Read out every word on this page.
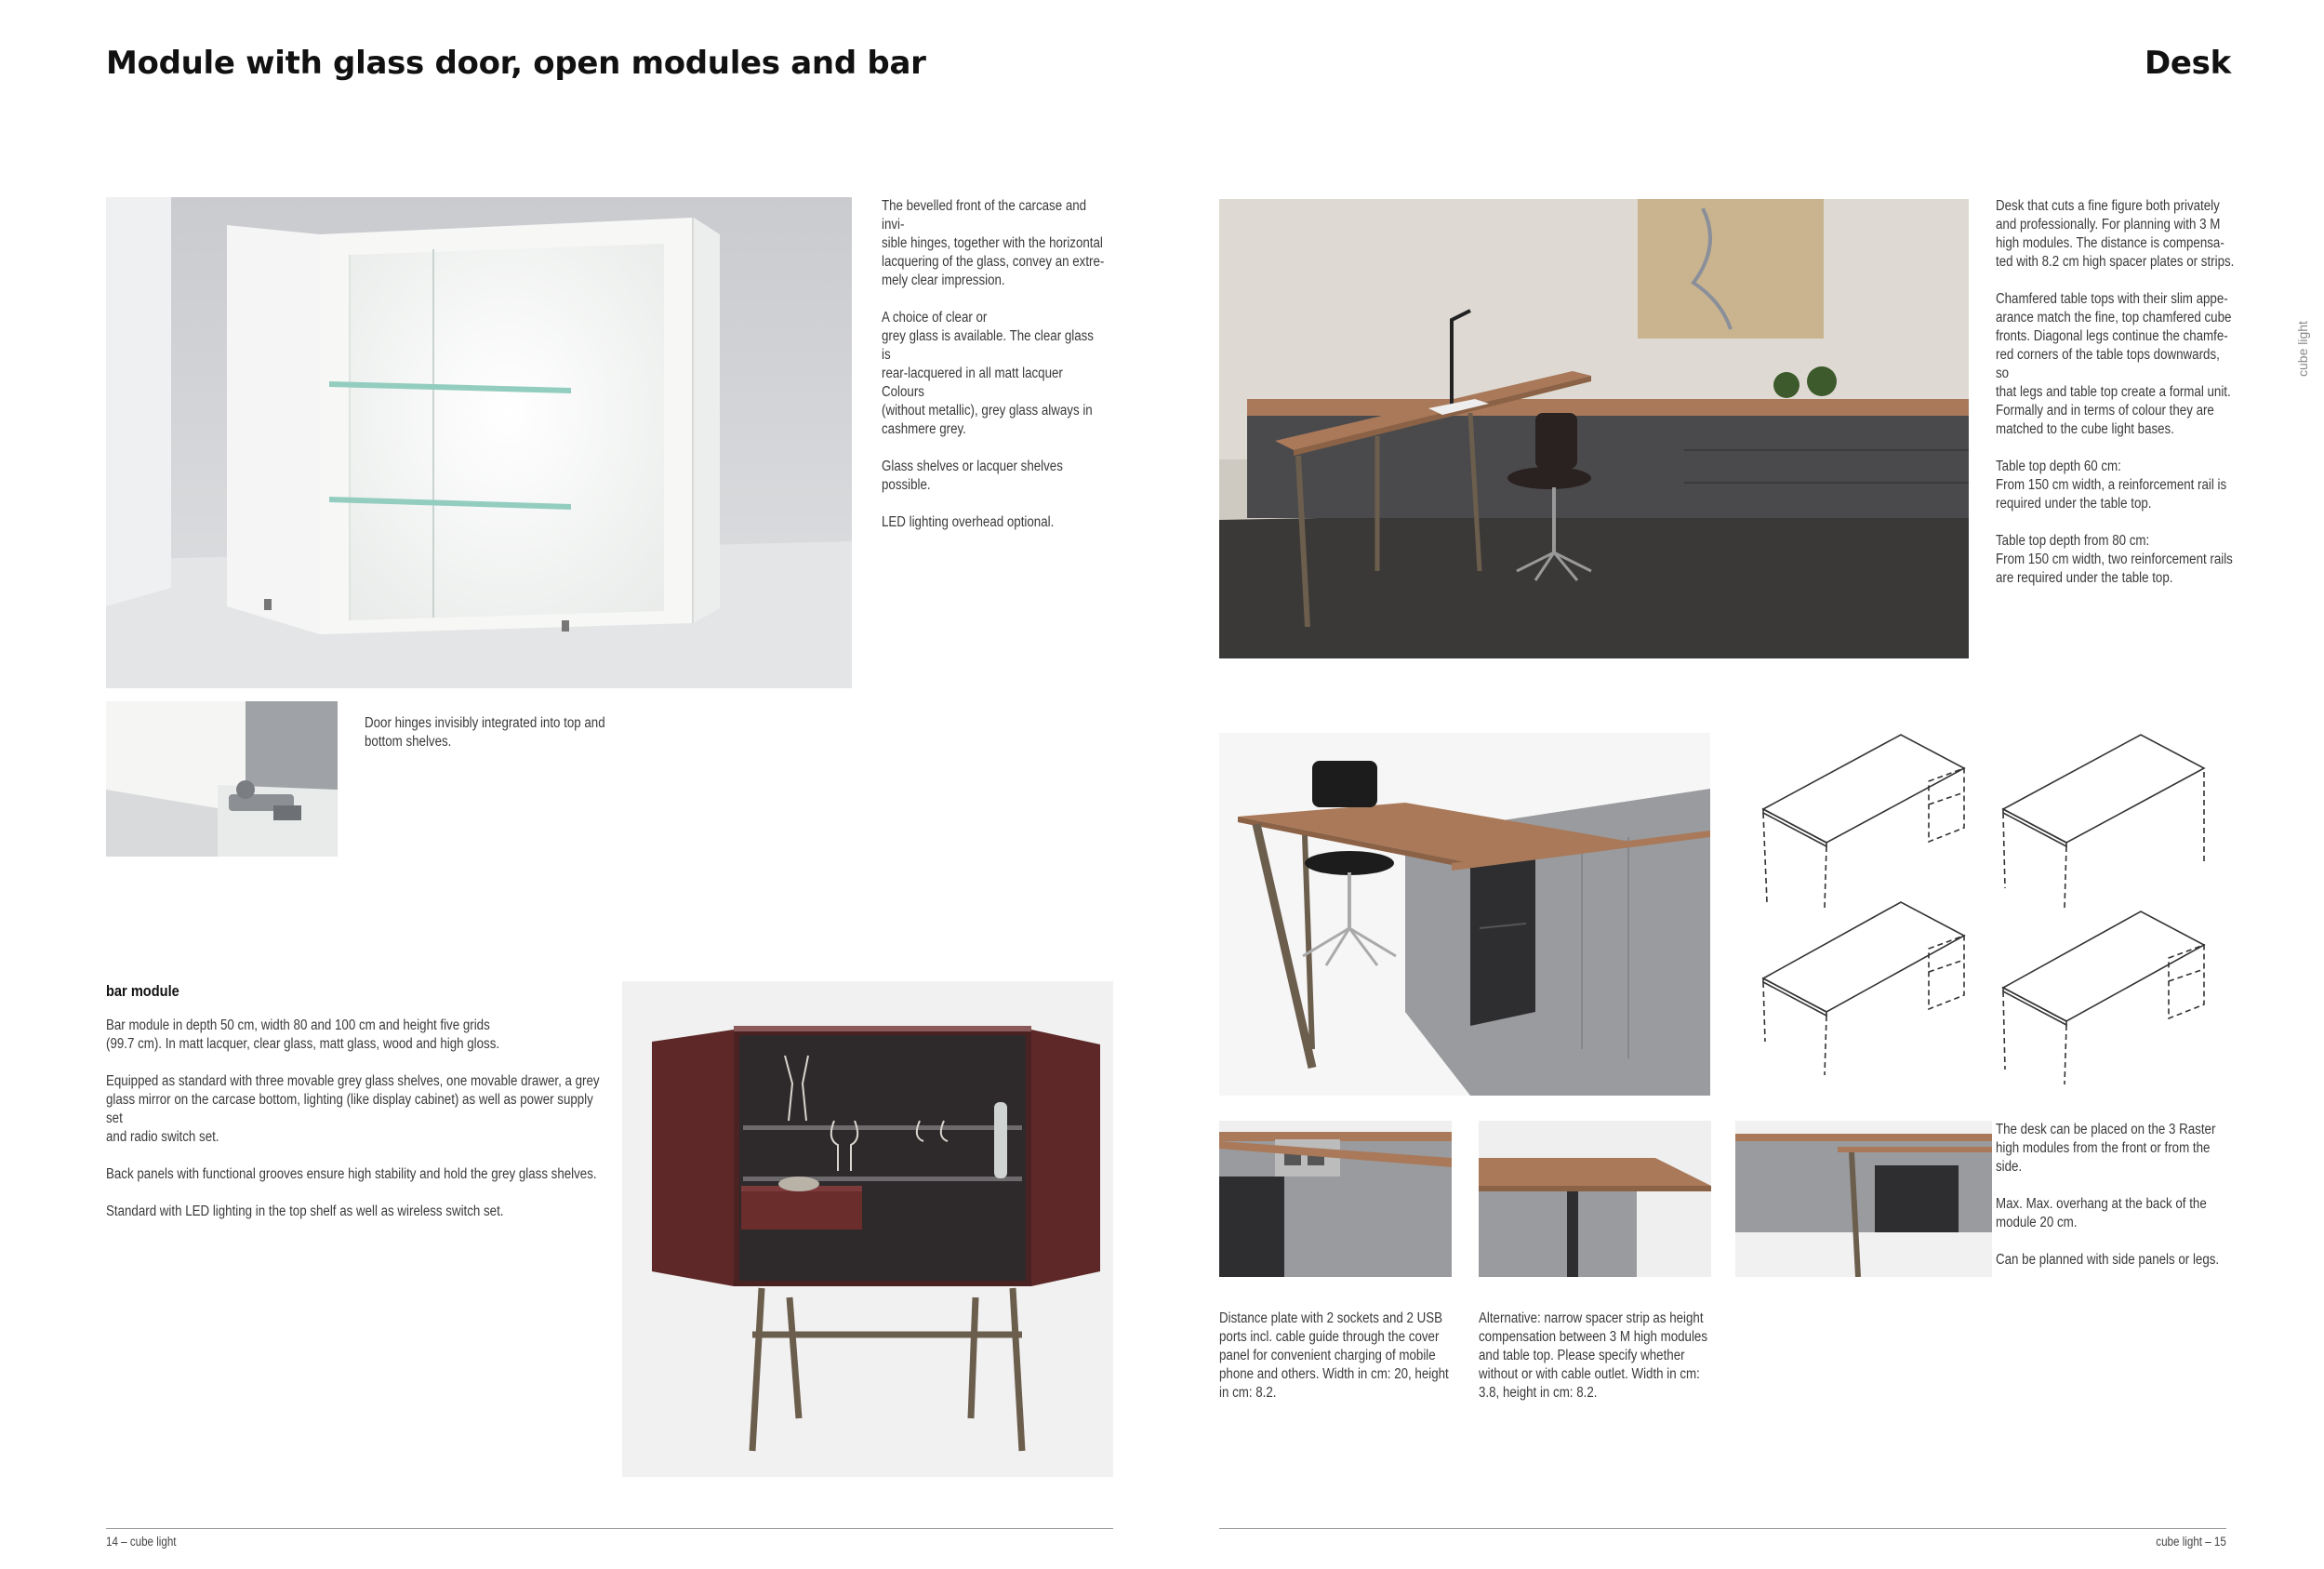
Module with glass door, open modules and bar

The bevelled front of the carcase and invi-
sible hinges, together with the horizontal
lacquering of the glass, convey an extre-
mely clear impression.

A choice of clear or
grey glass is available. The clear glass is
rear-lacquered in all matt lacquer Colours
(without metallic), grey glass always in
cashmere grey.

Glass shelves or lacquer shelves possible.

LED lighting overhead optional.

Door hinges invisibly integrated into top and
bottom shelves.
bar module

Bar module in depth 50 cm, width 80 and 100 cm and height five grids
(99.7 cm). In matt lacquer, clear glass, matt glass, wood and high gloss.

Equipped as standard with three movable grey glass shelves, one movable drawer, a grey
glass mirror on the carcase bottom, lighting (like display cabinet) as well as power supply set
and radio switch set.

Back panels with functional grooves ensure high stability and hold the grey glass shelves.

Standard with LED lighting in the top shelf as well as wireless switch set.

14 – cube light
Desk
cube light

Desk that cuts a fine figure both privately
and professionally. For planning with 3 M
high modules. The distance is compensa-
ted with 8.2 cm high spacer plates or strips.

Chamfered table tops with their slim appe-
arance match the fine, top chamfered cube
fronts. Diagonal legs continue the chamfe-
red corners of the table tops downwards, so
that legs and table top create a formal unit.
Formally and in terms of colour they are
matched to the cube light bases.

Table top depth 60 cm:
From 150 cm width, a reinforcement rail is
required under the table top.

Table top depth from 80 cm:
From 150 cm width, two reinforcement rails
are required under the table top.

The desk can be placed on the 3 Raster
high modules from the front or from the
side.

Max. Max. overhang at the back of the
module 20 cm.

Can be planned with side panels or legs.

Distance plate with 2 sockets and 2 USB
ports incl. cable guide through the cover
panel for convenient charging of mobile
phone and others. Width in cm: 20, height
in cm: 8.2.
Alternative: narrow spacer strip as height
compensation between 3 M high modules
and table top. Please specify whether
without or with cable outlet. Width in cm:
3.8, height in cm: 8.2.
cube light – 15
